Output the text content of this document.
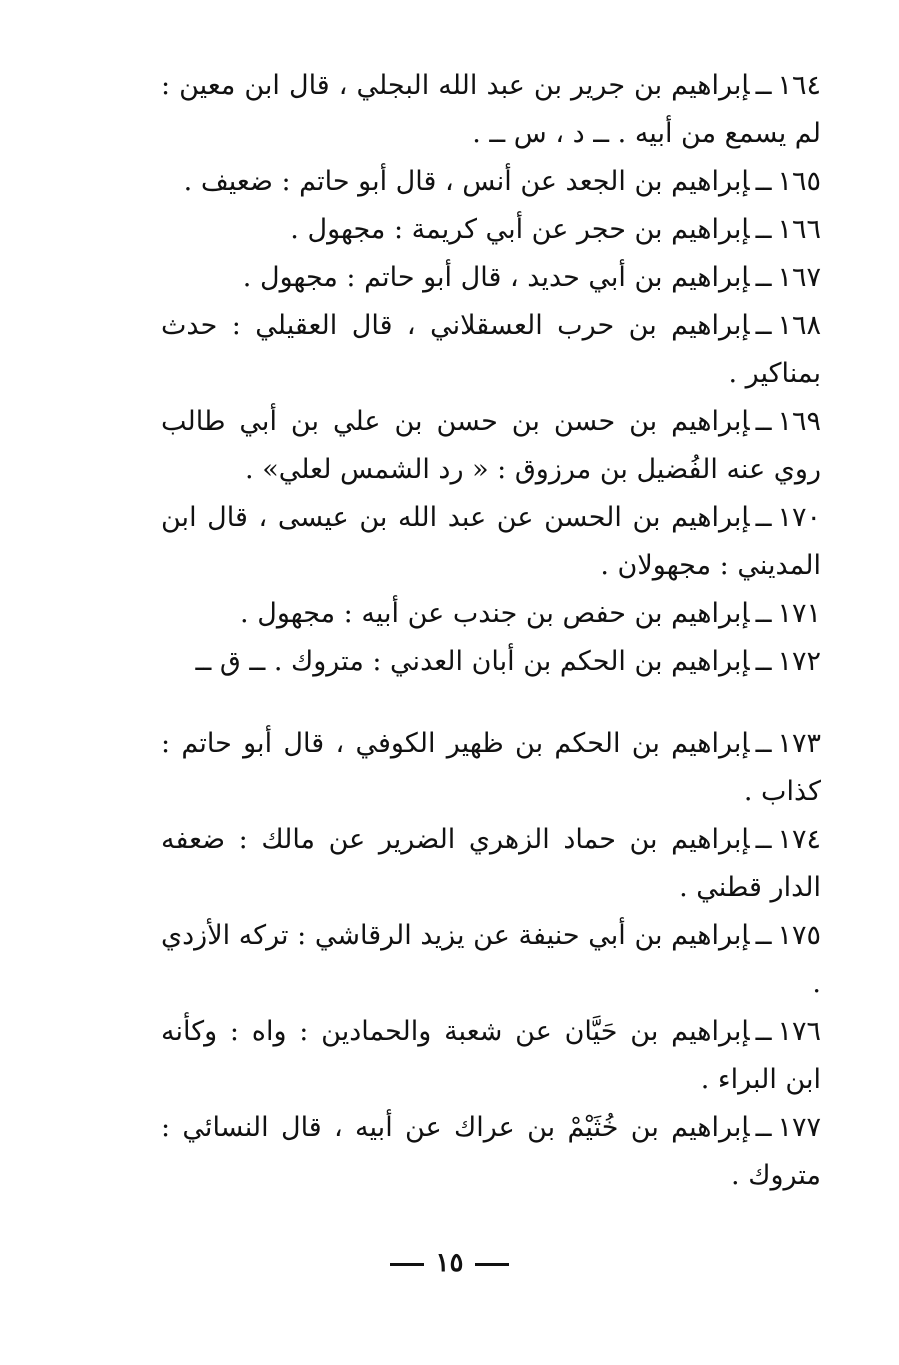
١٦٤ــإبراهيم بن جرير بن عبد الله البجلي ، قال ابن معين : لم يسمع من أبيه . ــ د ، س ــ .
١٦٥ــإبراهيم بن الجعد عن أنس ، قال أبو حاتم : ضعيف .
١٦٦ــإبراهيم بن حجر عن أبي كريمة : مجهول .
١٦٧ــإبراهيم بن أبي حديد ، قال أبو حاتم : مجهول .
١٦٨ــإبراهيم بن حرب العسقلاني ، قال العقيلي : حدث بمناكير .
١٦٩ــإبراهيم بن حسن بن حسن بن علي بن أبي طالب روي عنه الفُضيل بن مرزوق : « رد الشمس لعلي» .
١٧٠ــإبراهيم بن الحسن عن عبد الله بن عيسى ، قال ابن المديني : مجهولان .
١٧١ــإبراهيم بن حفص بن جندب عن أبيه : مجهول .
١٧٢ــإبراهيم بن الحكم بن أبان العدني : متروك . ــ ق ــ
١٧٣ــإبراهيم بن الحكم بن ظهير الكوفي ، قال أبو حاتم : كذاب .
١٧٤ــإبراهيم بن حماد الزهري الضرير عن مالك : ضعفه الدار قطني .
١٧٥ــإبراهيم بن أبي حنيفة عن يزيد الرقاشي : تركه الأزدي .
١٧٦ــإبراهيم بن حَيَّان عن شعبة والحمادين : واه : وكأنه ابن البراء .
١٧٧ــإبراهيم بن خُثَيْمْ بن عراك عن أبيه ، قال النسائي : متروك .
١٥
